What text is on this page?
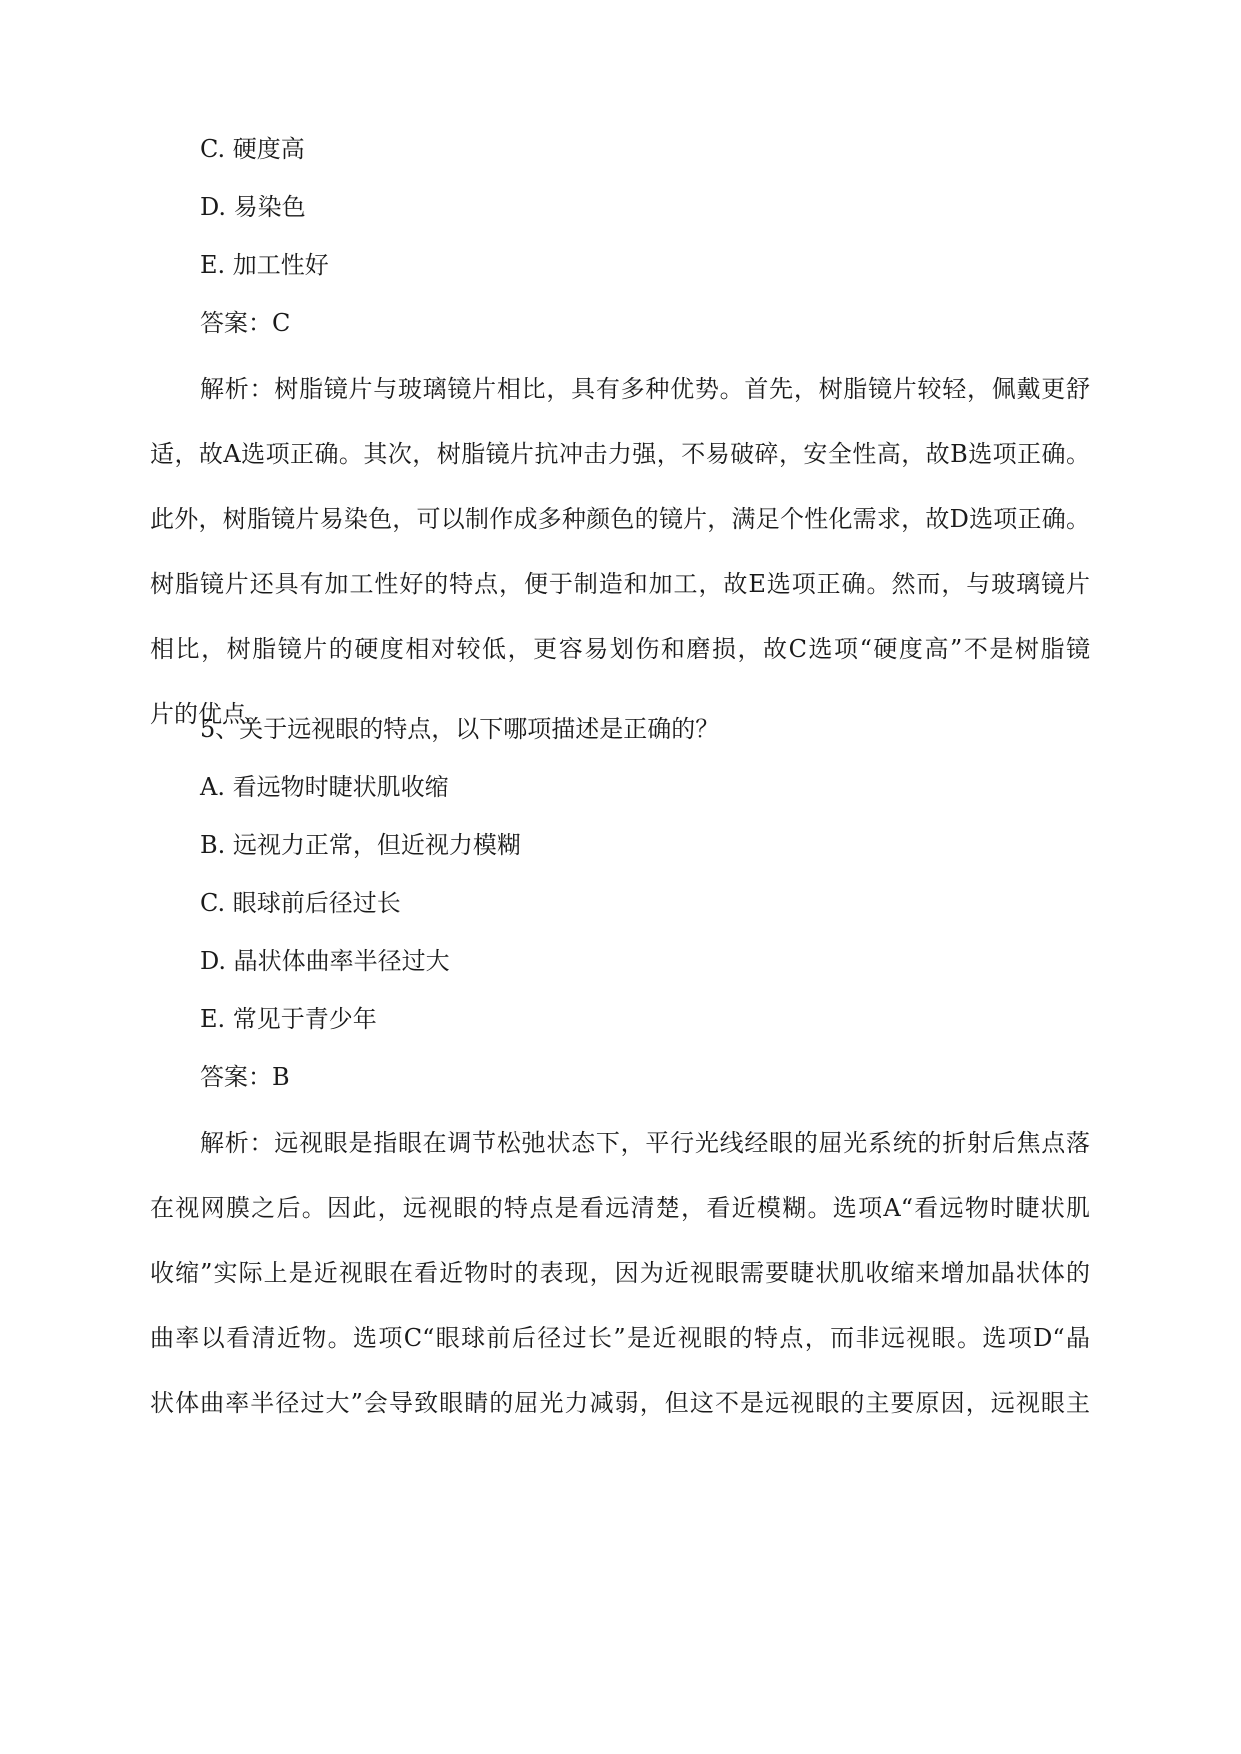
C. 硬度高
D. 易染色
E. 加工性好
答案：C
解析：树脂镜片与玻璃镜片相比，具有多种优势。首先，树脂镜片较轻，佩戴更舒
适，故A选项正确。其次，树脂镜片抗冲击力强，不易破碎，安全性高，故B选项正确。
此外，树脂镜片易染色，可以制作成多种颜色的镜片，满足个性化需求，故D选项正确。
树脂镜片还具有加工性好的特点，便于制造和加工，故E选项正确。然而，与玻璃镜片
相比，树脂镜片的硬度相对较低，更容易划伤和磨损，故C选项“硬度高”不是树脂镜
片的优点。
5、关于远视眼的特点，以下哪项描述是正确的？
A. 看远物时睫状肌收缩
B. 远视力正常，但近视力模糊
C. 眼球前后径过长
D. 晶状体曲率半径过大
E. 常见于青少年
答案：B
解析：远视眼是指眼在调节松弛状态下，平行光线经眼的屈光系统的折射后焦点落
在视网膜之后。因此，远视眼的特点是看远清楚，看近模糊。选项A“看远物时睫状肌
收缩”实际上是近视眼在看近物时的表现，因为近视眼需要睫状肌收缩来增加晶状体的
曲率以看清近物。选项C“眼球前后径过长”是近视眼的特点，而非远视眼。选项D“晶
状体曲率半径过大”会导致眼睛的屈光力减弱，但这不是远视眼的主要原因，远视眼主
